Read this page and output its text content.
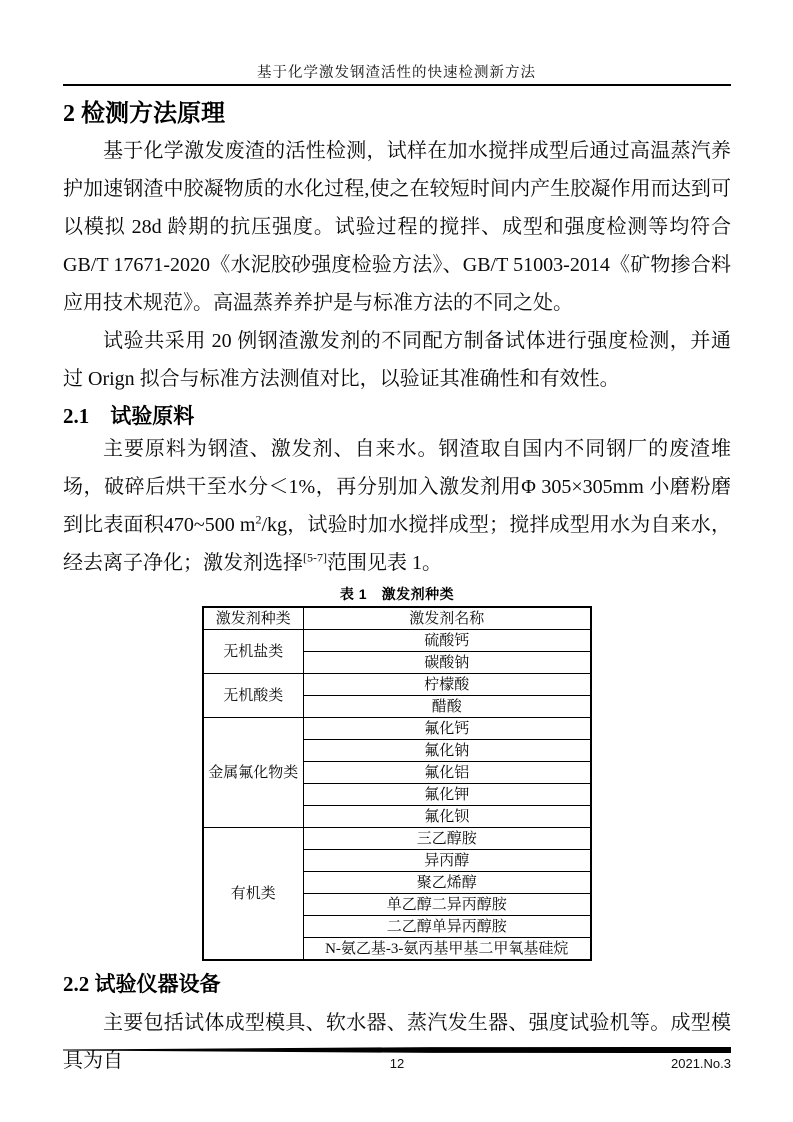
基于化学激发钢渣活性的快速检测新方法
2 检测方法原理

基于化学激发废渣的活性检测，试样在加水搅拌成型后通过高温蒸汽养护加速钢渣中胶凝物质的水化过程,使之在较短时间内产生胶凝作用而达到可以模拟 28d 龄期的抗压强度。试验过程的搅拌、成型和强度检测等均符合 GB/T 17671-2020《水泥胶砂强度检验方法》、GB/T 51003-2014《矿物掺合料应用技术规范》。高温蒸养养护是与标准方法的不同之处。

试验共采用 20 例钢渣激发剂的不同配方制备试体进行强度检测，并通过 Orign 拟合与标准方法测值对比，以验证其准确性和有效性。

2.1　试验原料

主要原料为钢渣、激发剂、自来水。钢渣取自国内不同钢厂的废渣堆场，破碎后烘干至水分＜1%，再分别加入激发剂用Φ 305×305mm 小磨粉磨到比表面积470~500 $m^2/kg$，试验时加水搅拌成型；搅拌成型用水为自来水，经去离子净化；激发剂选择[5-7]范围见表 1。

表 1　激发剂种类
激发剂种类	激发剂名称
无机盐类	硫酸钙
	碳酸钠
无机酸类	柠檬酸
	醋酸
金属氟化物类	氟化钙
	氟化钠
	氟化铝
	氟化钾
	氟化钡
有机类	三乙醇胺
	异丙醇
	聚乙烯醇
	单乙醇二异丙醇胺
	二乙醇单异丙醇胺
	N-氨乙基-3-氨丙基甲基二甲氧基硅烷
2.2 试验仪器设备

主要包括试体成型模具、软水器、蒸汽发生器、强度试验机等。成型模具为自	12	2021.No.3
